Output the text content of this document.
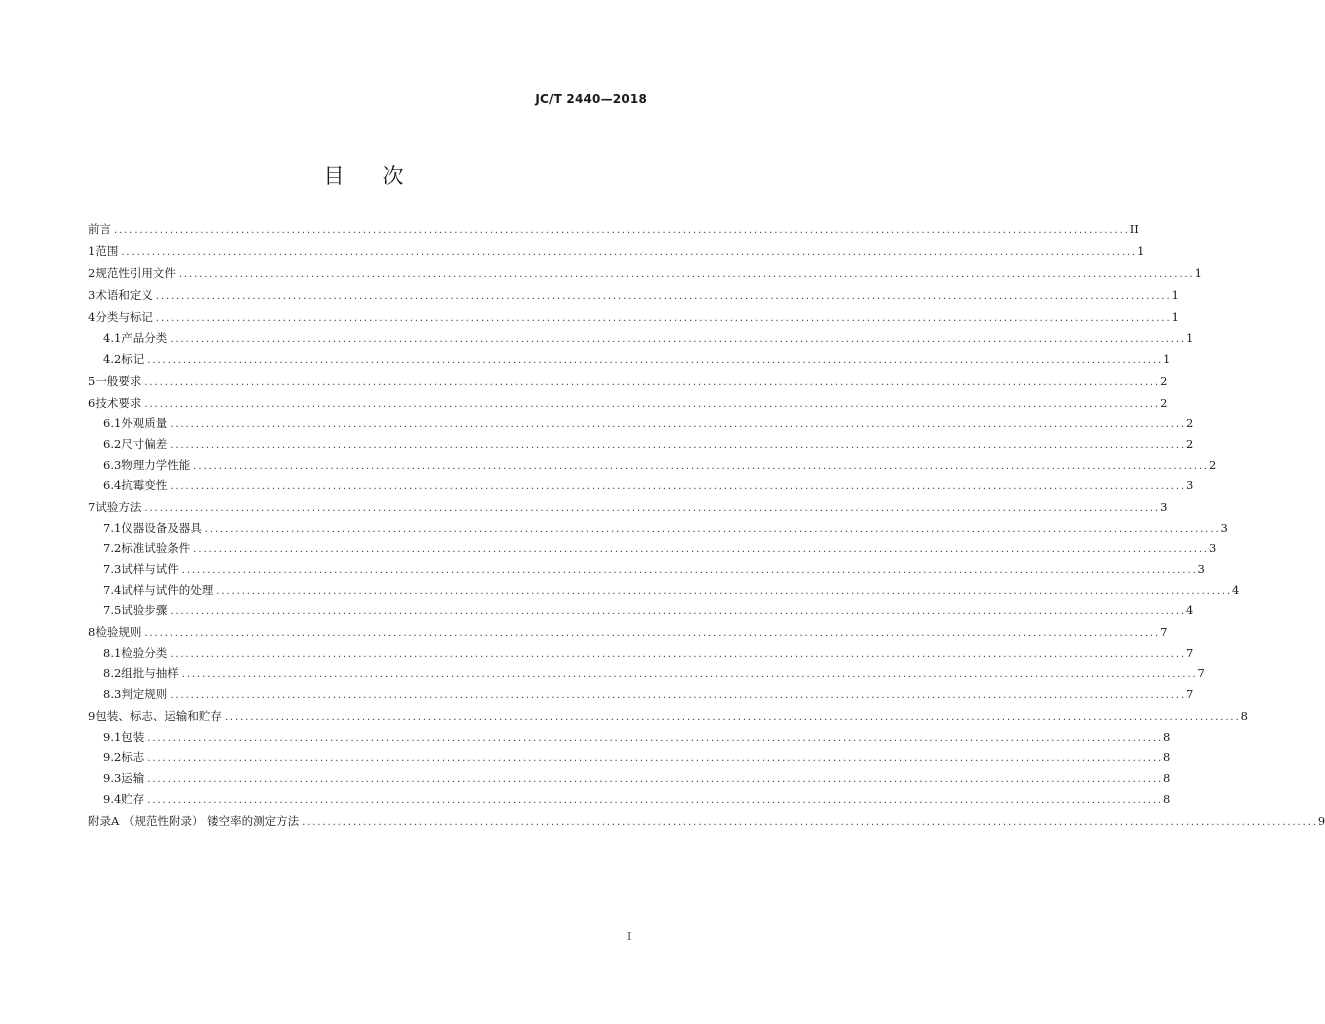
JC/T 2440—2018
目 次
前言 ........................................................................................................................................................................................................ II
1 范围 ........................................................................................................................................................................................................ 1
2 规范性引用文件 ........................................................................................................................................................................................................ 1
3 术语和定义 ........................................................................................................................................................................................................ 1
4 分类与标记 ........................................................................................................................................................................................................ 1
4.1 产品分类 ........................................................................................................................................................................................................ 1
4.2 标记 ........................................................................................................................................................................................................ 1
5 一般要求 ........................................................................................................................................................................................................ 2
6 技术要求 ........................................................................................................................................................................................................ 2
6.1 外观质量 ........................................................................................................................................................................................................ 2
6.2 尺寸偏差 ........................................................................................................................................................................................................ 2
6.3 物理力学性能 ........................................................................................................................................................................................................ 2
6.4 抗霉变性 ........................................................................................................................................................................................................ 3
7 试验方法 ........................................................................................................................................................................................................ 3
7.1 仪器设备及器具 ........................................................................................................................................................................................................ 3
7.2 标准试验条件 ........................................................................................................................................................................................................ 3
7.3 试样与试件 ........................................................................................................................................................................................................ 3
7.4 试样与试件的处理 ........................................................................................................................................................................................................ 4
7.5 试验步骤 ........................................................................................................................................................................................................ 4
8 检验规则 ........................................................................................................................................................................................................ 7
8.1 检验分类 ........................................................................................................................................................................................................ 7
8.2 组批与抽样 ........................................................................................................................................................................................................ 7
8.3 判定规则 ........................................................................................................................................................................................................ 7
9 包装、标志、运输和贮存 ........................................................................................................................................................................................................ 8
9.1 包装 ........................................................................................................................................................................................................ 8
9.2 标志 ........................................................................................................................................................................................................ 8
9.3 运输 ........................................................................................................................................................................................................ 8
9.4 贮存 ........................................................................................................................................................................................................ 8
附录A （规范性附录） 镂空率的测定方法 ........................................................................................................................................................................................................ 9
I
